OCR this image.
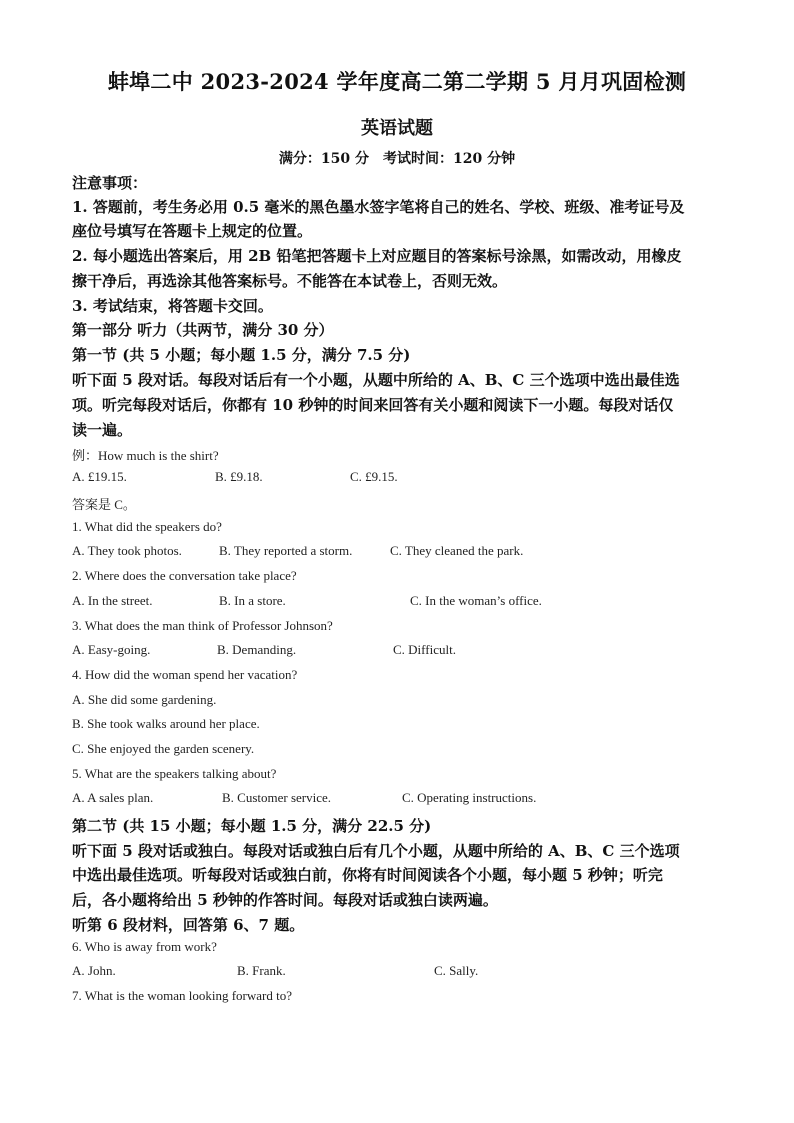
蚌埠二中 2023-2024 学年度高二第二学期 5 月月巩固检测
英语试题
满分：150 分　考试时间：120 分钟
注意事项：
1. 答题前，考生务必用 0.5 毫米的黑色墨水签字笔将自己的姓名、学校、班级、准考证号及
座位号填写在答题卡上规定的位置。
2. 每小题选出答案后，用 2B 铅笔把答题卡上对应题目的答案标号涂黑，如需改动，用橡皮
擦干净后，再选涂其他答案标号。不能答在本试卷上，否则无效。
3. 考试结束，将答题卡交回。
第一部分 听力（共两节，满分 30 分）
第一节 (共 5 小题；每小题 1.5 分，满分 7.5 分)
听下面 5 段对话。每段对话后有一个小题，从题中所给的 A、B、C 三个选项中选出最佳选
项。听完每段对话后，你都有 10 秒钟的时间来回答有关小题和阅读下一小题。每段对话仅
读一遍。
例：How much is the shirt?
A. £19.15.	B. £9.18.	C. £9.15.
答案是 C。
1. What did the speakers do?
A. They took photos.	B. They reported a storm.	C. They cleaned the park.
2. Where does the conversation take place?
A. In the street.	B. In a store.	C. In the woman’s office.
3. What does the man think of Professor Johnson?
A. Easy-going.	B. Demanding.	C. Difficult.
4. How did the woman spend her vacation?
A. She did some gardening.
B. She took walks around her place.
C. She enjoyed the garden scenery.
5. What are the speakers talking about?
A. A sales plan.	B. Customer service.	C. Operating instructions.
第二节 (共 15 小题；每小题 1.5 分，满分 22.5 分)
听下面 5 段对话或独白。每段对话或独白后有几个小题，从题中所给的 A、B、C 三个选项
中选出最佳选项。听每段对话或独白前，你将有时间阅读各个小题，每小题 5 秒钟；听完
后，各小题将给出 5 秒钟的作答时间。每段对话或独白读两遍。
听第 6 段材料，回答第 6、7 题。
6. Who is away from work?
A. John.	B. Frank.	C. Sally.
7. What is the woman looking forward to?
